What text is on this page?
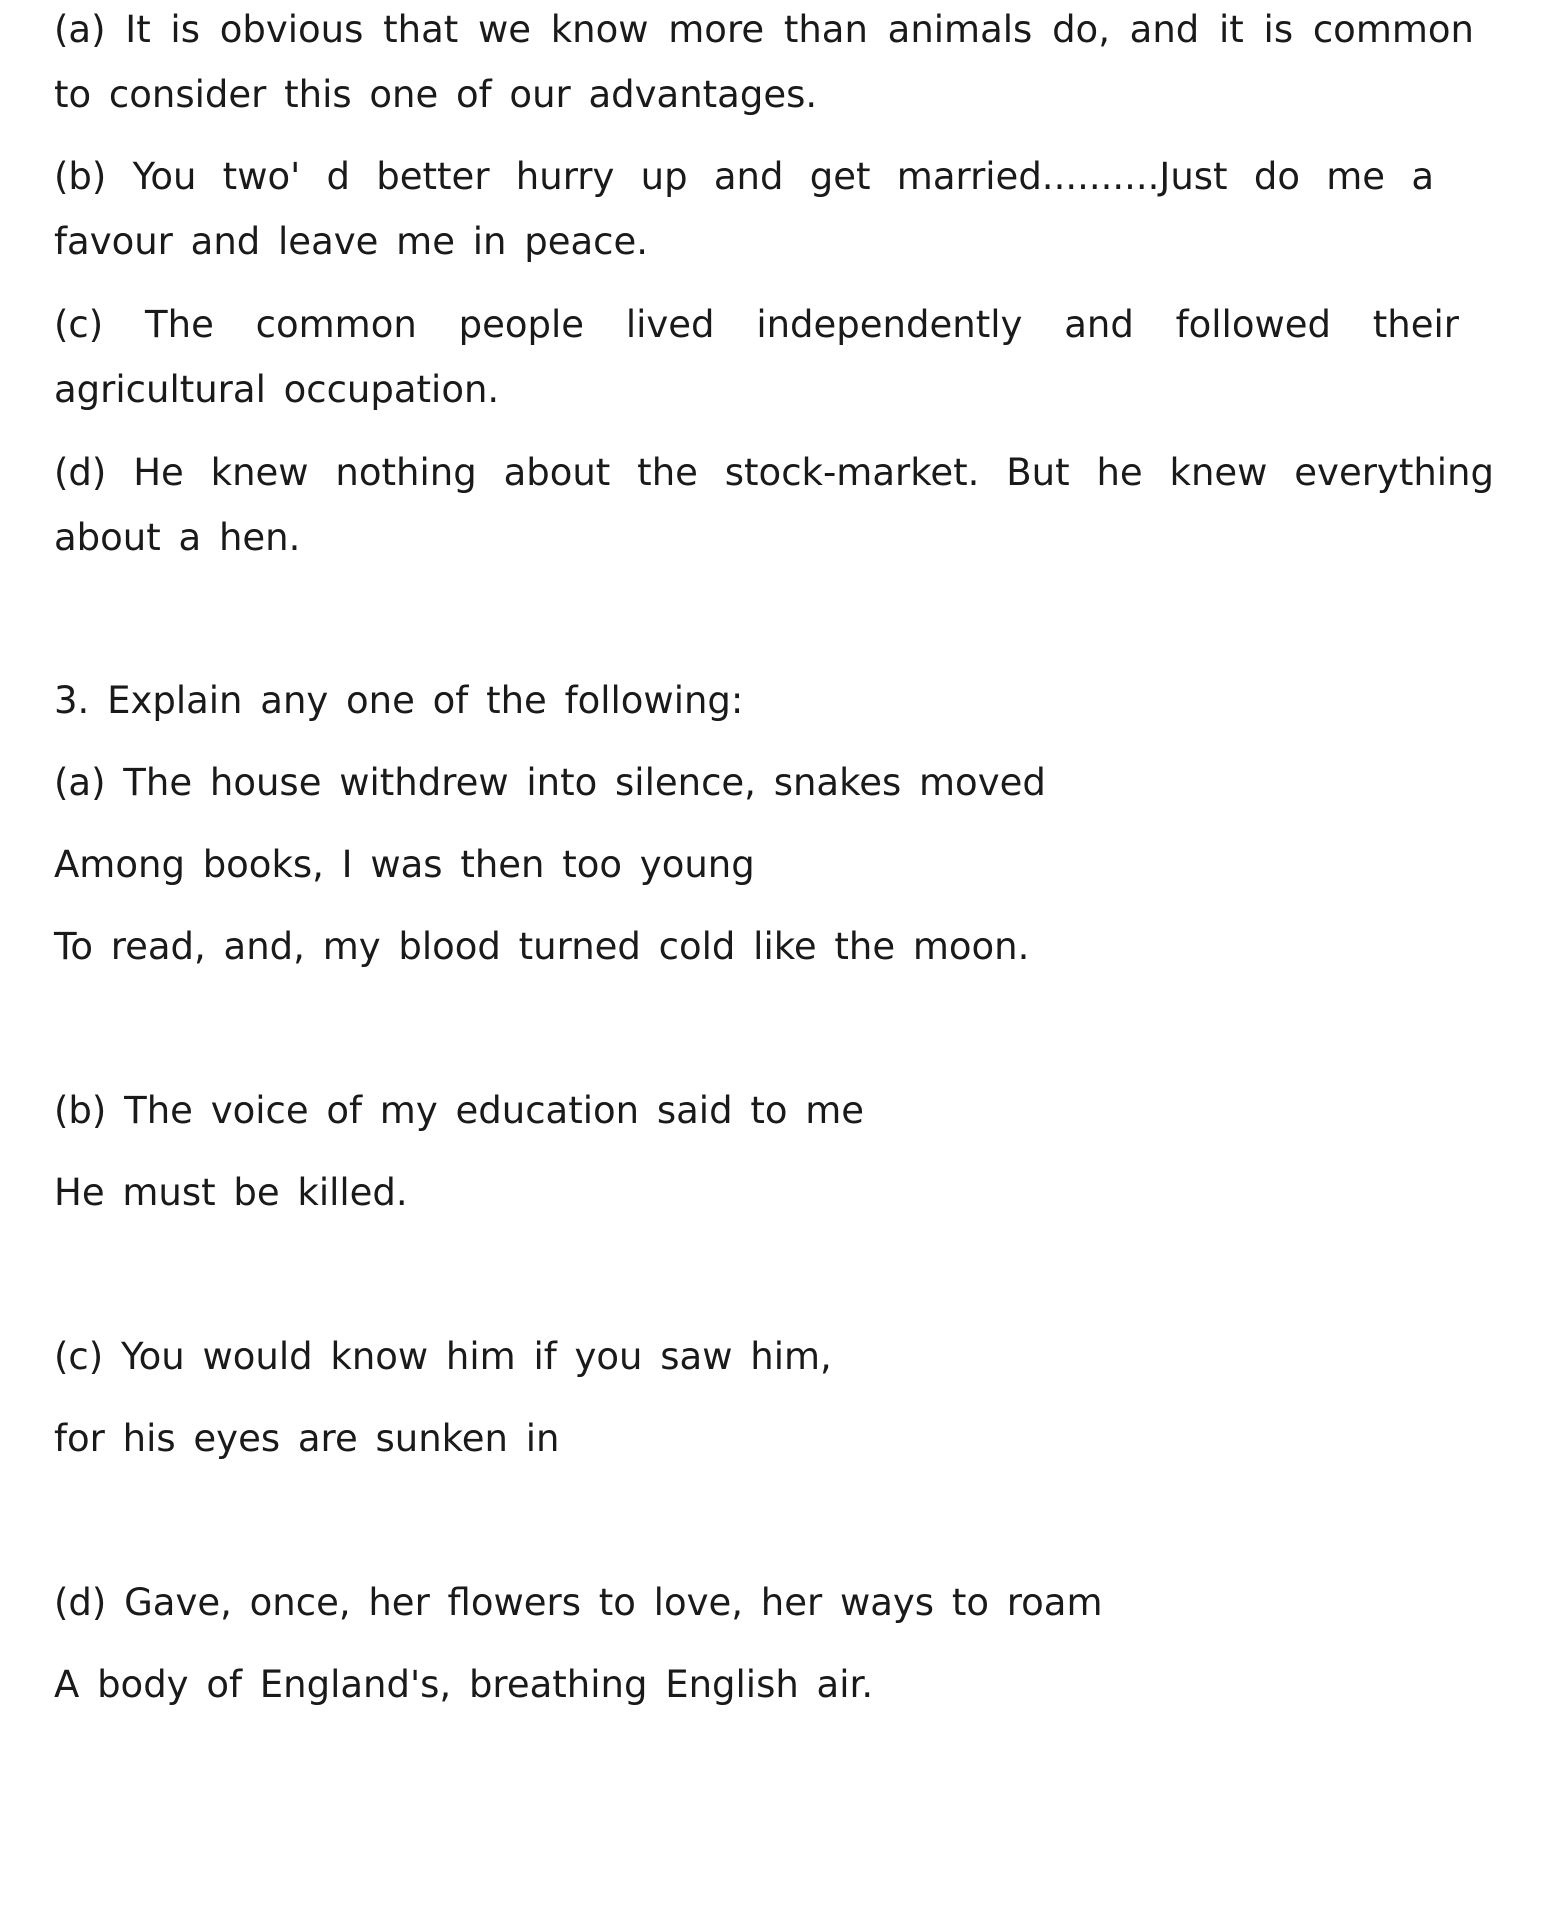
(a) It is obvious that we know more than animals do, and it is common to consider this one of our advantages.

(b) You two' d better hurry up and get married..........Just do me a favour and leave me in peace.

(c) The common people lived independently and followed their agricultural occupation.

(d) He knew nothing about the stock-market. But he knew everything about a hen.

3. Explain any one of the following:

(a) The house withdrew into silence, snakes moved

Among books, I was then too young

To read, and, my blood turned cold like the moon.

(b) The voice of my education said to me

He must be killed.

(c) You would know him if you saw him,

for his eyes are sunken in

(d) Gave, once, her flowers to love, her ways to roam

A body of England's, breathing English air.
